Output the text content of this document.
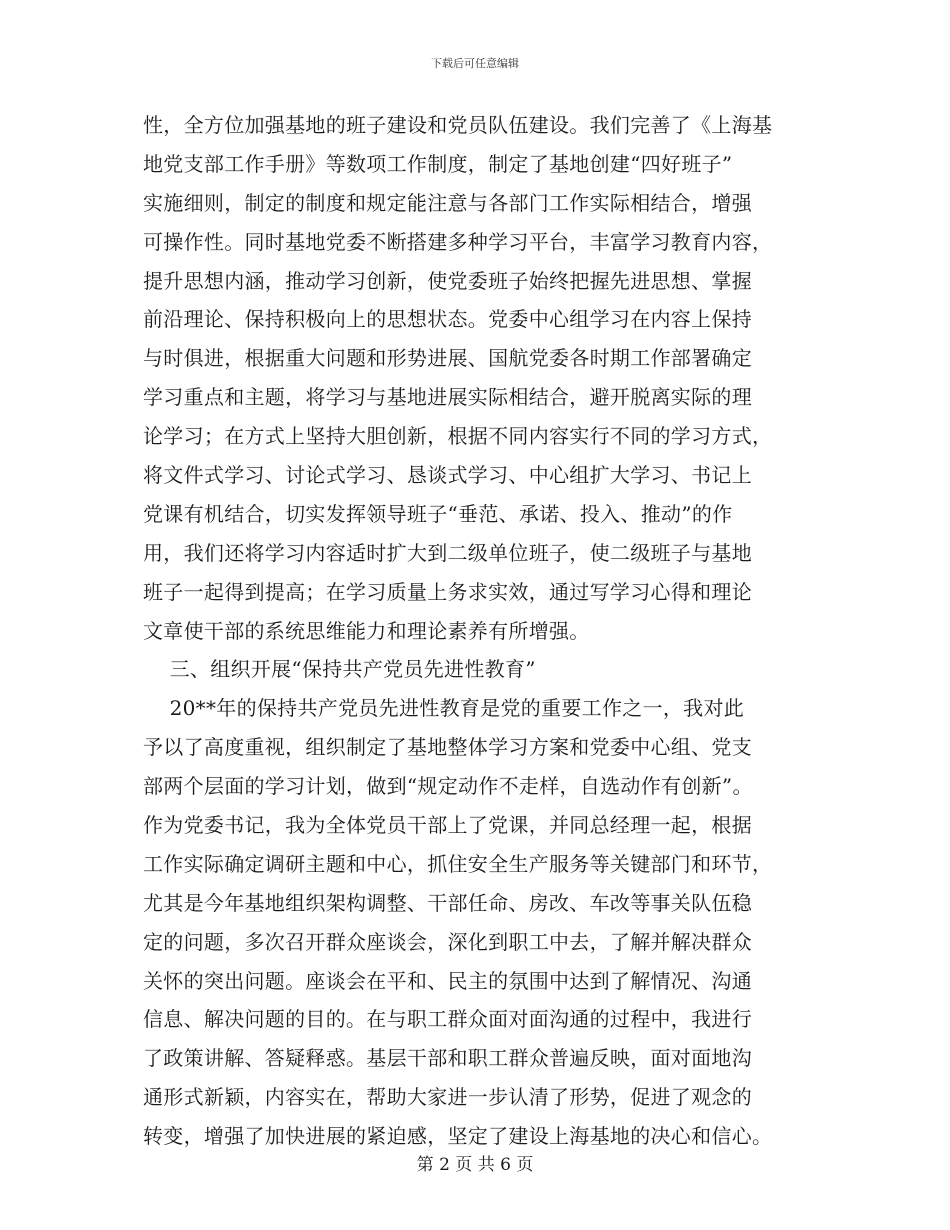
下载后可任意编辑
性，全方位加强基地的班子建设和党员队伍建设。我们完善了《上海基
地党支部工作手册》等数项工作制度，制定了基地创建“四好班子”
实施细则，制定的制度和规定能注意与各部门工作实际相结合，增强
可操作性。同时基地党委不断搭建多种学习平台，丰富学习教育内容，
提升思想内涵，推动学习创新，使党委班子始终把握先进思想、掌握
前沿理论、保持积极向上的思想状态。党委中心组学习在内容上保持
与时俱进，根据重大问题和形势进展、国航党委各时期工作部署确定
学习重点和主题，将学习与基地进展实际相结合，避开脱离实际的理
论学习；在方式上坚持大胆创新，根据不同内容实行不同的学习方式，
将文件式学习、讨论式学习、恳谈式学习、中心组扩大学习、书记上
党课有机结合，切实发挥领导班子“垂范、承诺、投入、推动”的作
用，我们还将学习内容适时扩大到二级单位班子，使二级班子与基地
班子一起得到提高；在学习质量上务求实效，通过写学习心得和理论
文章使干部的系统思维能力和理论素养有所增强。
三、组织开展“保持共产党员先进性教育”
20**年的保持共产党员先进性教育是党的重要工作之一，我对此
予以了高度重视，组织制定了基地整体学习方案和党委中心组、党支
部两个层面的学习计划，做到“规定动作不走样，自选动作有创新”。
作为党委书记，我为全体党员干部上了党课，并同总经理一起，根据
工作实际确定调研主题和中心，抓住安全生产服务等关键部门和环节，
尤其是今年基地组织架构调整、干部任命、房改、车改等事关队伍稳
定的问题，多次召开群众座谈会，深化到职工中去，了解并解决群众
关怀的突出问题。座谈会在平和、民主的氛围中达到了解情况、沟通
信息、解决问题的目的。在与职工群众面对面沟通的过程中，我进行
了政策讲解、答疑释惑。基层干部和职工群众普遍反映，面对面地沟
通形式新颖，内容实在，帮助大家进一步认清了形势，促进了观念的
转变，增强了加快进展的紧迫感，坚定了建设上海基地的决心和信心。
第 2 页 共 6 页
